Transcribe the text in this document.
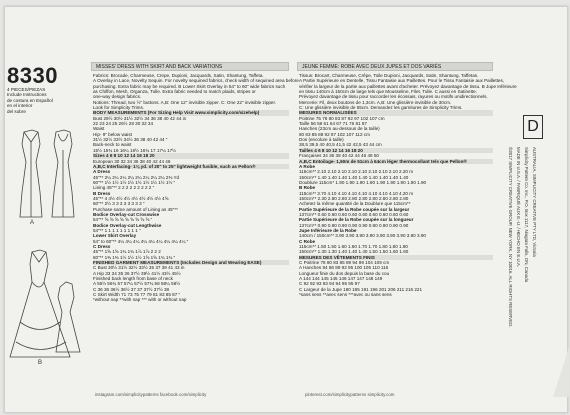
8330
4 PIECES/PIEZAS
Include Instructions
de costura en Español
en el interior
del sobre
A
B
MISSES' DRESS WITH SKIRT AND BACK VARIATIONS
Fabrics: Brocade, Charmeuse, Crepe, Dupioni, Jacquards, Satin, Shantung, Taffeta.
A Overlay in Lace, Novelty Sequin. For novelty sequined fabrics, check width of sequined area before
purchasing. Extra fabric may be required. B Lower Skirt Overlay in 54" to 60" wide fabrics such
as Chiffon, Mesh, Organza, Tulle. Extra fabric needed to match plaids, stripes or
one-way design fabrics.
Notions: Thread, two ½" buttons. A,B: One 12" invisible zipper. C: One 22" invisible zipper.
Look for Simplicity Trims.
BODY MEASUREMENTS (For Sizing Help Visit www.simplicity.com/sizehelp)
Bust 29½ 30½ 31½ 32½ 34 36 38 40 42 44 in
22 23 24 25 26½ 28 30 32 34
Waist
Hip- 9" below waist
31½ 32½ 33½ 34½ 36 38 40 42 44 ″
Back-neck to waist
15½ 15¾ 16 16¼ 16½ 16¾ 17 17¼ 17½
Sizes 4 6 8 10 12 14 16 18 20
European 30 32 34 36 38 40 42 44 46
A,B,C Interfacing- 1⅛ yd. of 20" to 25" lightweight fusible, such as Pellon®
A Dress
45"** 2¼ 2¼ 2¼ 2¼ 2¼ 2¼ 2¼ 2¼ 2⅜ Yd
60"** 1½ 1½ 1½ 1½ 1½ 1½ 1½ 1½ 1½ ″
Lining 45"** 2 2 2 2 2 2 2 2 2 ″
B Dress
45"** 4 4½ 4½ 4½ 4½ 4½ 4½ 4½ 4⅝
60"** 2½ 3 3 3 3 3 3 3 3 ″
Purchase same amount of Lining as 45"**
Bodice Overlay-cut Crosswise
54"** ⅝ ⅝ ⅝ ⅝ ⅝ ⅝ ⅝ ⅝ ⅝ ″
Bodice Overlay-cut Lengthwise
54"** 1 1 1 1 1 1 1 1 1 ″
Lower Skirt Overlay
54" to 60"** 4¼ 4¼ 4¼ 4¼ 4¼ 4¼ 4¼ 4¼ 4¼ ″
C Dress
45"** 1⅝ 1⅝ 1¾ 1¾ 1⅞ 1⅞ 2 2 2
60"** 1⅜ 1⅜ 1½ 1½ 1½ 1⅝ 1⅝ 1¾ 1¾ ″
FINISHED GARMENT MEASUREMENTS (Includes Design and Wearing EASE)
C Bust 30½ 31½ 32½ 33½ 35 37 39 41 43 in
A Hip 33 34 35 36 37½ 39½ 41½ 43½ 45½
Finished back length from base of neck
A 56½ 56¾ 57 57¼ 57½ 57¾ 58 58¼ 58½
C 36 36 36½ 36½ 37 37 37½ 37½ 38
C Skirt Width 71 73 75 77 79 81 83 85 87 ″
*without nap **with nap *** with or without nap
JEUNE FEMME: ROBE AVEC DEUX JUPES ET DOS VARIÉS
Tissus: Brocart, Charmeuse, Crêpe, Toile Dupioni, Jacquards, Satin, Shantung, Taffetas.
A Partie Supérieure en Dentelle, Tissu Fantaisie aux Paillettes. Pour le Tissu Fantaisie aux Paillettes,
vérifier la largeur de la partie aux paillettes avant d'acheter. Prévoyez davantage de tissu. B Jupe Inférieure
en tissu 140cm à 150cm de large tels que Mousseline, Filet, Tulle. C aussi en Satinette.
Prévoyez davantage de tissu pour raccorder les écossais, rayures ou motifs unidirectionnels.
Mercerie: Fil, deux boutons de 1,3cm. A,B: Une glissière invisible de 30cm.
C: Une glissière invisible de 55cm. Demandez les garnitures de Simplicity Trims.
MESURES NORMALISÉES
Poitrine 75 78 80 83 87 92 97 102 107 cm
Taille 56 58 61 64 67 71 76 81 87
Hanches (23cm au-dessous de la taille)
80 83 85 88 92 97 102 107 112 cm
Dos (encolure à taille)
38,5 39,5 40 40,5 41,5 42 42,5 43 44 cm
Tailles 4 6 8 10 12 14 16 18 20
Françaises 34 36 38 40 42 44 46 48 50
A,B,C Entoilage- 1,60m de 51cm à 64cm léger thermocollant tels que Pellon®
A Robe
115cm** 2.10 2.10 2.10 2.10 2.10 2.10 2.10 2.10 2.20 m
150cm** 1.40 1.40 1.40 1.40 1.40 1.40 1.40 1.40 1.40
Doublure 115cm* 1.90 1.90 1.90 1.90 1.90 1.90 1.90 1.90 1.90
B Robe
115cm** 3.70 4.10 4.10 4.10 4.10 4.10 4.10 4.10 4.20 m
150cm** 2.30 2.80 2.80 2.80 2.80 2.80 2.80 2.80 2.80
Achetez la même quantité de la Doublure que 115cm**
Partie Supérieure de la Robe coupée sur la largeur
137cm** 0.60 0.60 0.60 0.60 0.60 0.60 0.60 0.60 0.60
Partie Supérieure de la Robe coupée sur la longueur
137cm** 0.90 0.90 0.90 0.90 0.90 0.90 0.90 0.90 0.90
Jupe Inférieure de la Robe
140cm / 150cm** 3.90 3.90 3.90 3.90 3.90 3.90 3.90 3.90 3.90
C Robe
115cm** 1.50 1.50 1.60 1.60 1.70 1.70 1.80 1.80 1.80
150cm** 1.30 1.30 1.40 1.40 1.40 1.50 1.50 1.60 1.60
MESURES DES VÊTEMENTS FINIS
C Poitrine 78 80 83 85 89 94 99 104 109 cm
A Hanches 84 86 89 92 95 100 105 110 116
Longueur finie du dos depuis la base du cou
A 144 144 145 145 146 147 147 148 149
C 92 92 93 93 94 94 95 95 97
C Largeur de la Jupe 180 185 191 196 201 206 211 216 221
*sans sens **avec sens ***avec ou sans sens
D
©2017 SIMPLICITY CREATIVE GROUP, NEW YORK, NY 10016. ALL RIGHTS RESERVED. MADE IN U.S.A. / FABRIQUÉ AUX E.-U. / HECHO EN E.U.A. Simplicity Pattern Co. Inc., P.O. Box 1117, Niagara Falls, ON, Canada AUSTRALIA, SIMPLICITY CREATIVE PTY LTD, Victoria
instagram.com/simplicitypatterns facebook.com/simplicity	pinterest.com/simplicitypatterns simplicity.com
